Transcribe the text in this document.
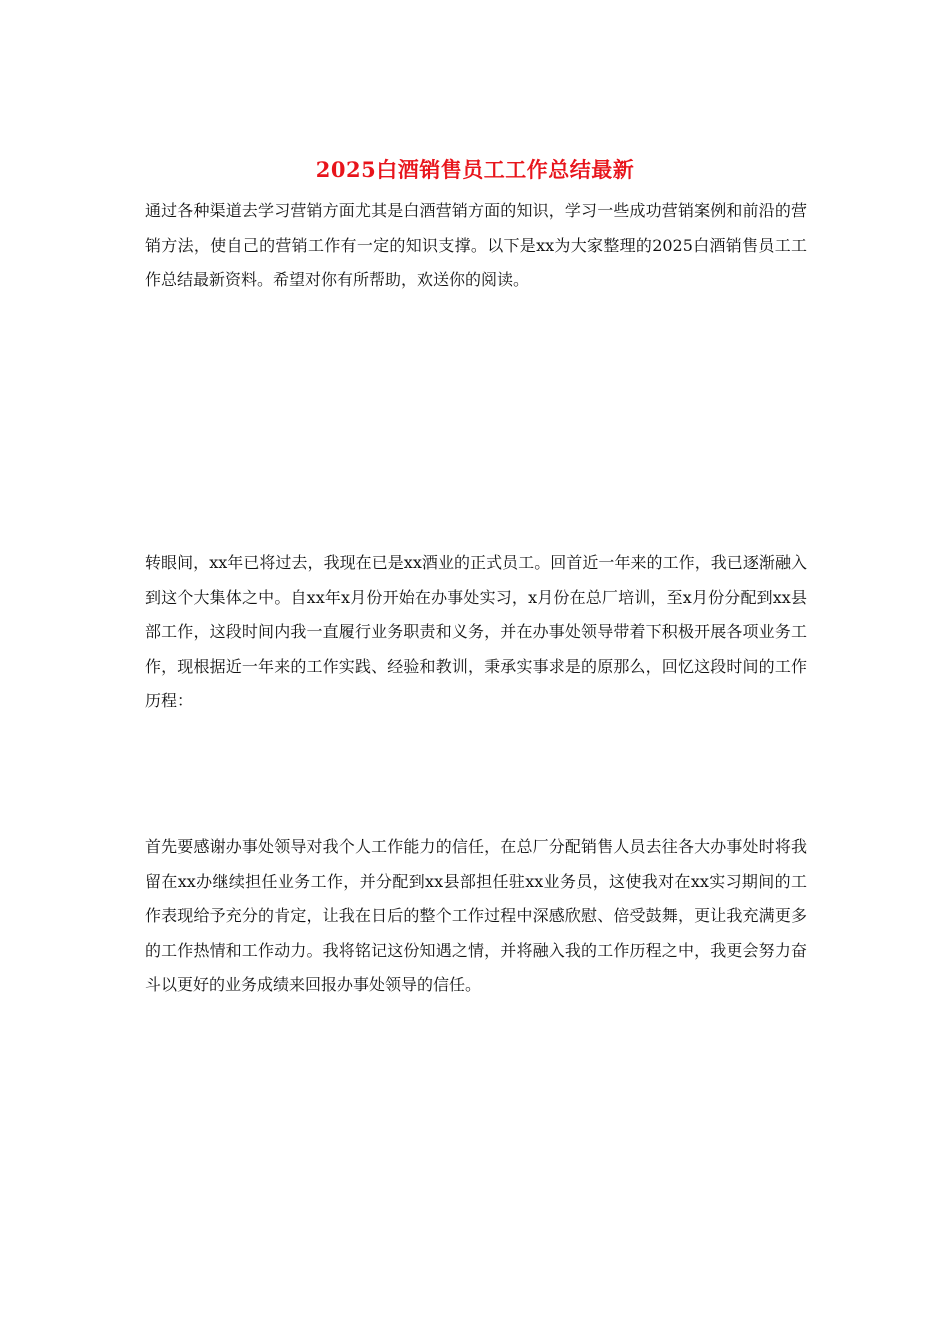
2025白酒销售员工工作总结最新

通过各种渠道去学习营销方面尤其是白酒营销方面的知识，学习一些成功营销案例和前沿的营销方法，使自己的营销工作有一定的知识支撑。以下是xx为大家整理的2025白酒销售员工工作总结最新资料。希望对你有所帮助，欢送你的阅读。

转眼间，xx年已将过去，我现在已是xx酒业的正式员工。回首近一年来的工作，我已逐渐融入到这个大集体之中。自xx年x月份开始在办事处实习，x月份在总厂培训，至x月份分配到xx县部工作，这段时间内我一直履行业务职责和义务，并在办事处领导带着下积极开展各项业务工作，现根据近一年来的工作实践、经验和教训，秉承实事求是的原那么，回忆这段时间的工作历程：

首先要感谢办事处领导对我个人工作能力的信任，在总厂分配销售人员去往各大办事处时将我留在xx办继续担任业务工作，并分配到xx县部担任驻xx业务员，这使我对在xx实习期间的工作表现给予充分的肯定，让我在日后的整个工作过程中深感欣慰、倍受鼓舞，更让我充满更多的工作热情和工作动力。我将铭记这份知遇之情，并将融入我的工作历程之中，我更会努力奋斗以更好的业务成绩来回报办事处领导的信任。
